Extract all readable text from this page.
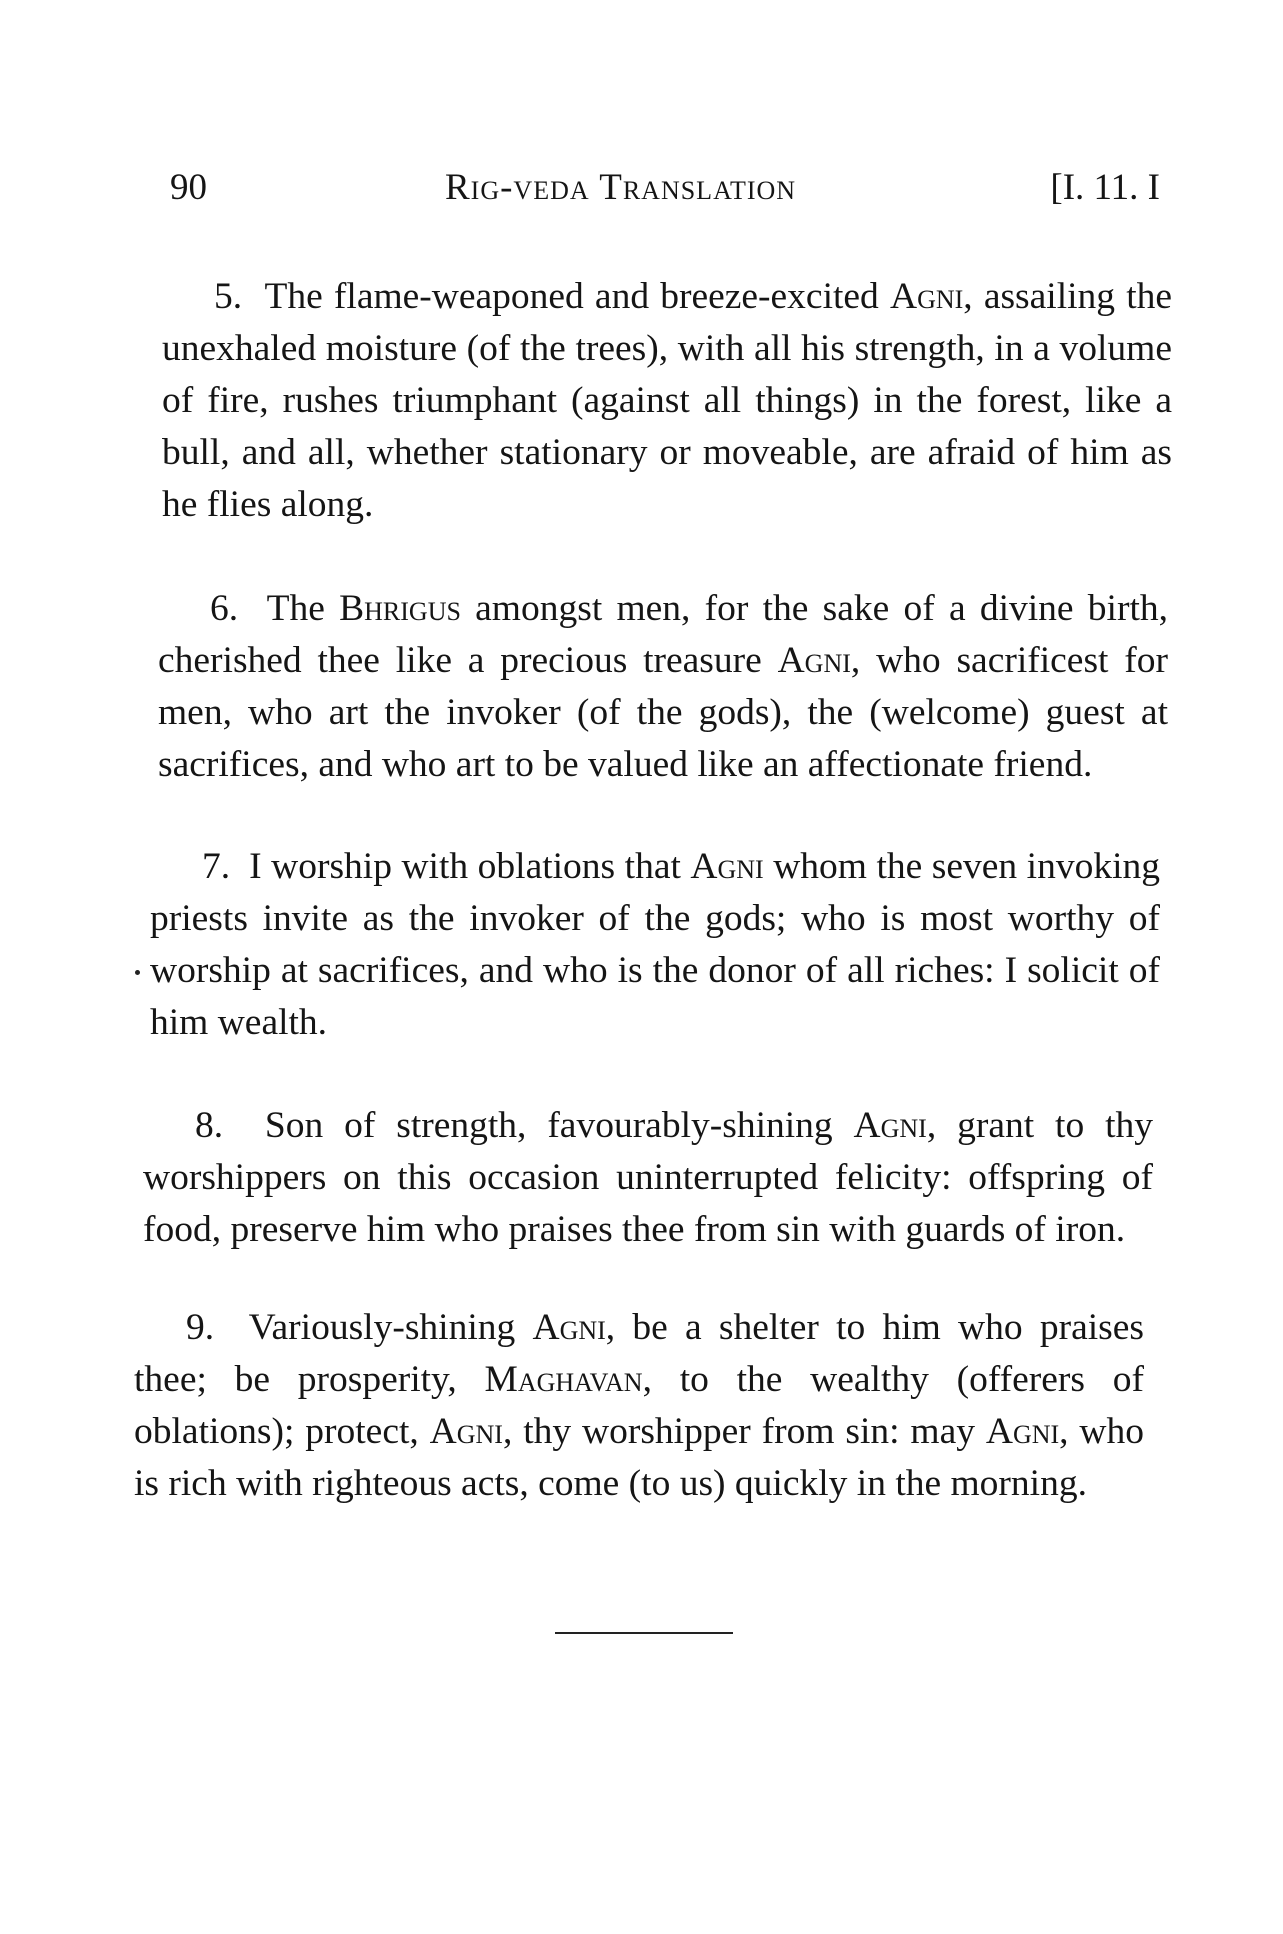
90	Rig-veda Translation	[I. 11. I

5. The flame-weaponed and breeze-excited Agni, assailing the unexhaled moisture (of the trees), with all his strength, in a volume of fire, rushes triumphant (against all things) in the forest, like a bull, and all, whether stationary or moveable, are afraid of him as he flies along.

6. The Bhrigus amongst men, for the sake of a divine birth, cherished thee like a precious treasure Agni, who sacrificest for men, who art the invoker (of the gods), the (welcome) guest at sacrifices, and who art to be valued like an affectionate friend.

7. I worship with oblations that Agni whom the seven invoking priests invite as the invoker of the gods; who is most worthy of worship at sacrifices, and who is the donor of all riches: I solicit of him wealth.

8. Son of strength, favourably-shining Agni, grant to thy worshippers on this occasion uninterrupted felicity: offspring of food, preserve him who praises thee from sin with guards of iron.

9. Variously-shining Agni, be a shelter to him who praises thee; be prosperity, Maghavan, to the wealthy (offerers of oblations); protect, Agni, thy worshipper from sin: may Agni, who is rich with righteous acts, come (to us) quickly in the morning.
